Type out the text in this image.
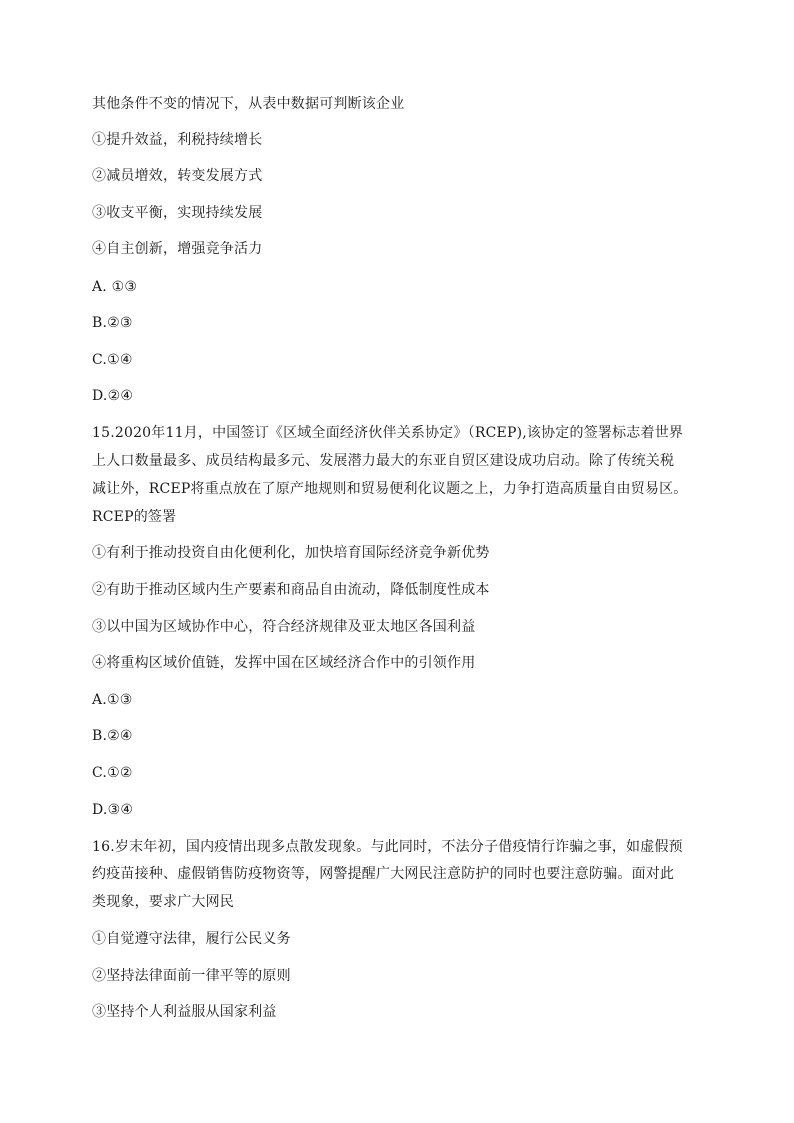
其他条件不变的情况下，从表中数据可判断该企业
①提升效益，利税持续增长
②减员增效，转变发展方式
③收支平衡，实现持续发展
④自主创新，增强竞争活力
A. ①③
B.②③
C.①④
D.②④
15.2020年11月，中国签订《区域全面经济伙伴关系协定》（RCEP),该协定的签署标志着世界
上人口数量最多、成员结构最多元、发展潜力最大的东亚自贸区建设成功启动。除了传统关税
减让外，RCEP将重点放在了原产地规则和贸易便利化议题之上，力争打造高质量自由贸易区。
RCEP的签署
①有利于推动投资自由化便利化，加快培育国际经济竞争新优势
②有助于推动区域内生产要素和商品自由流动，降低制度性成本
③以中国为区域协作中心，符合经济规律及亚太地区各国利益
④将重构区域价值链，发挥中国在区域经济合作中的引领作用
A.①③
B.②④
C.①②
D.③④
16.岁末年初，国内疫情出现多点散发现象。与此同时，不法分子借疫情行诈骗之事，如虚假预
约疫苗接种、虚假销售防疫物资等，网警提醒广大网民注意防护的同时也要注意防骗。面对此
类现象，要求广大网民
①自觉遵守法律，履行公民义务
②坚持法律面前一律平等的原则
③坚持个人利益服从国家利益
